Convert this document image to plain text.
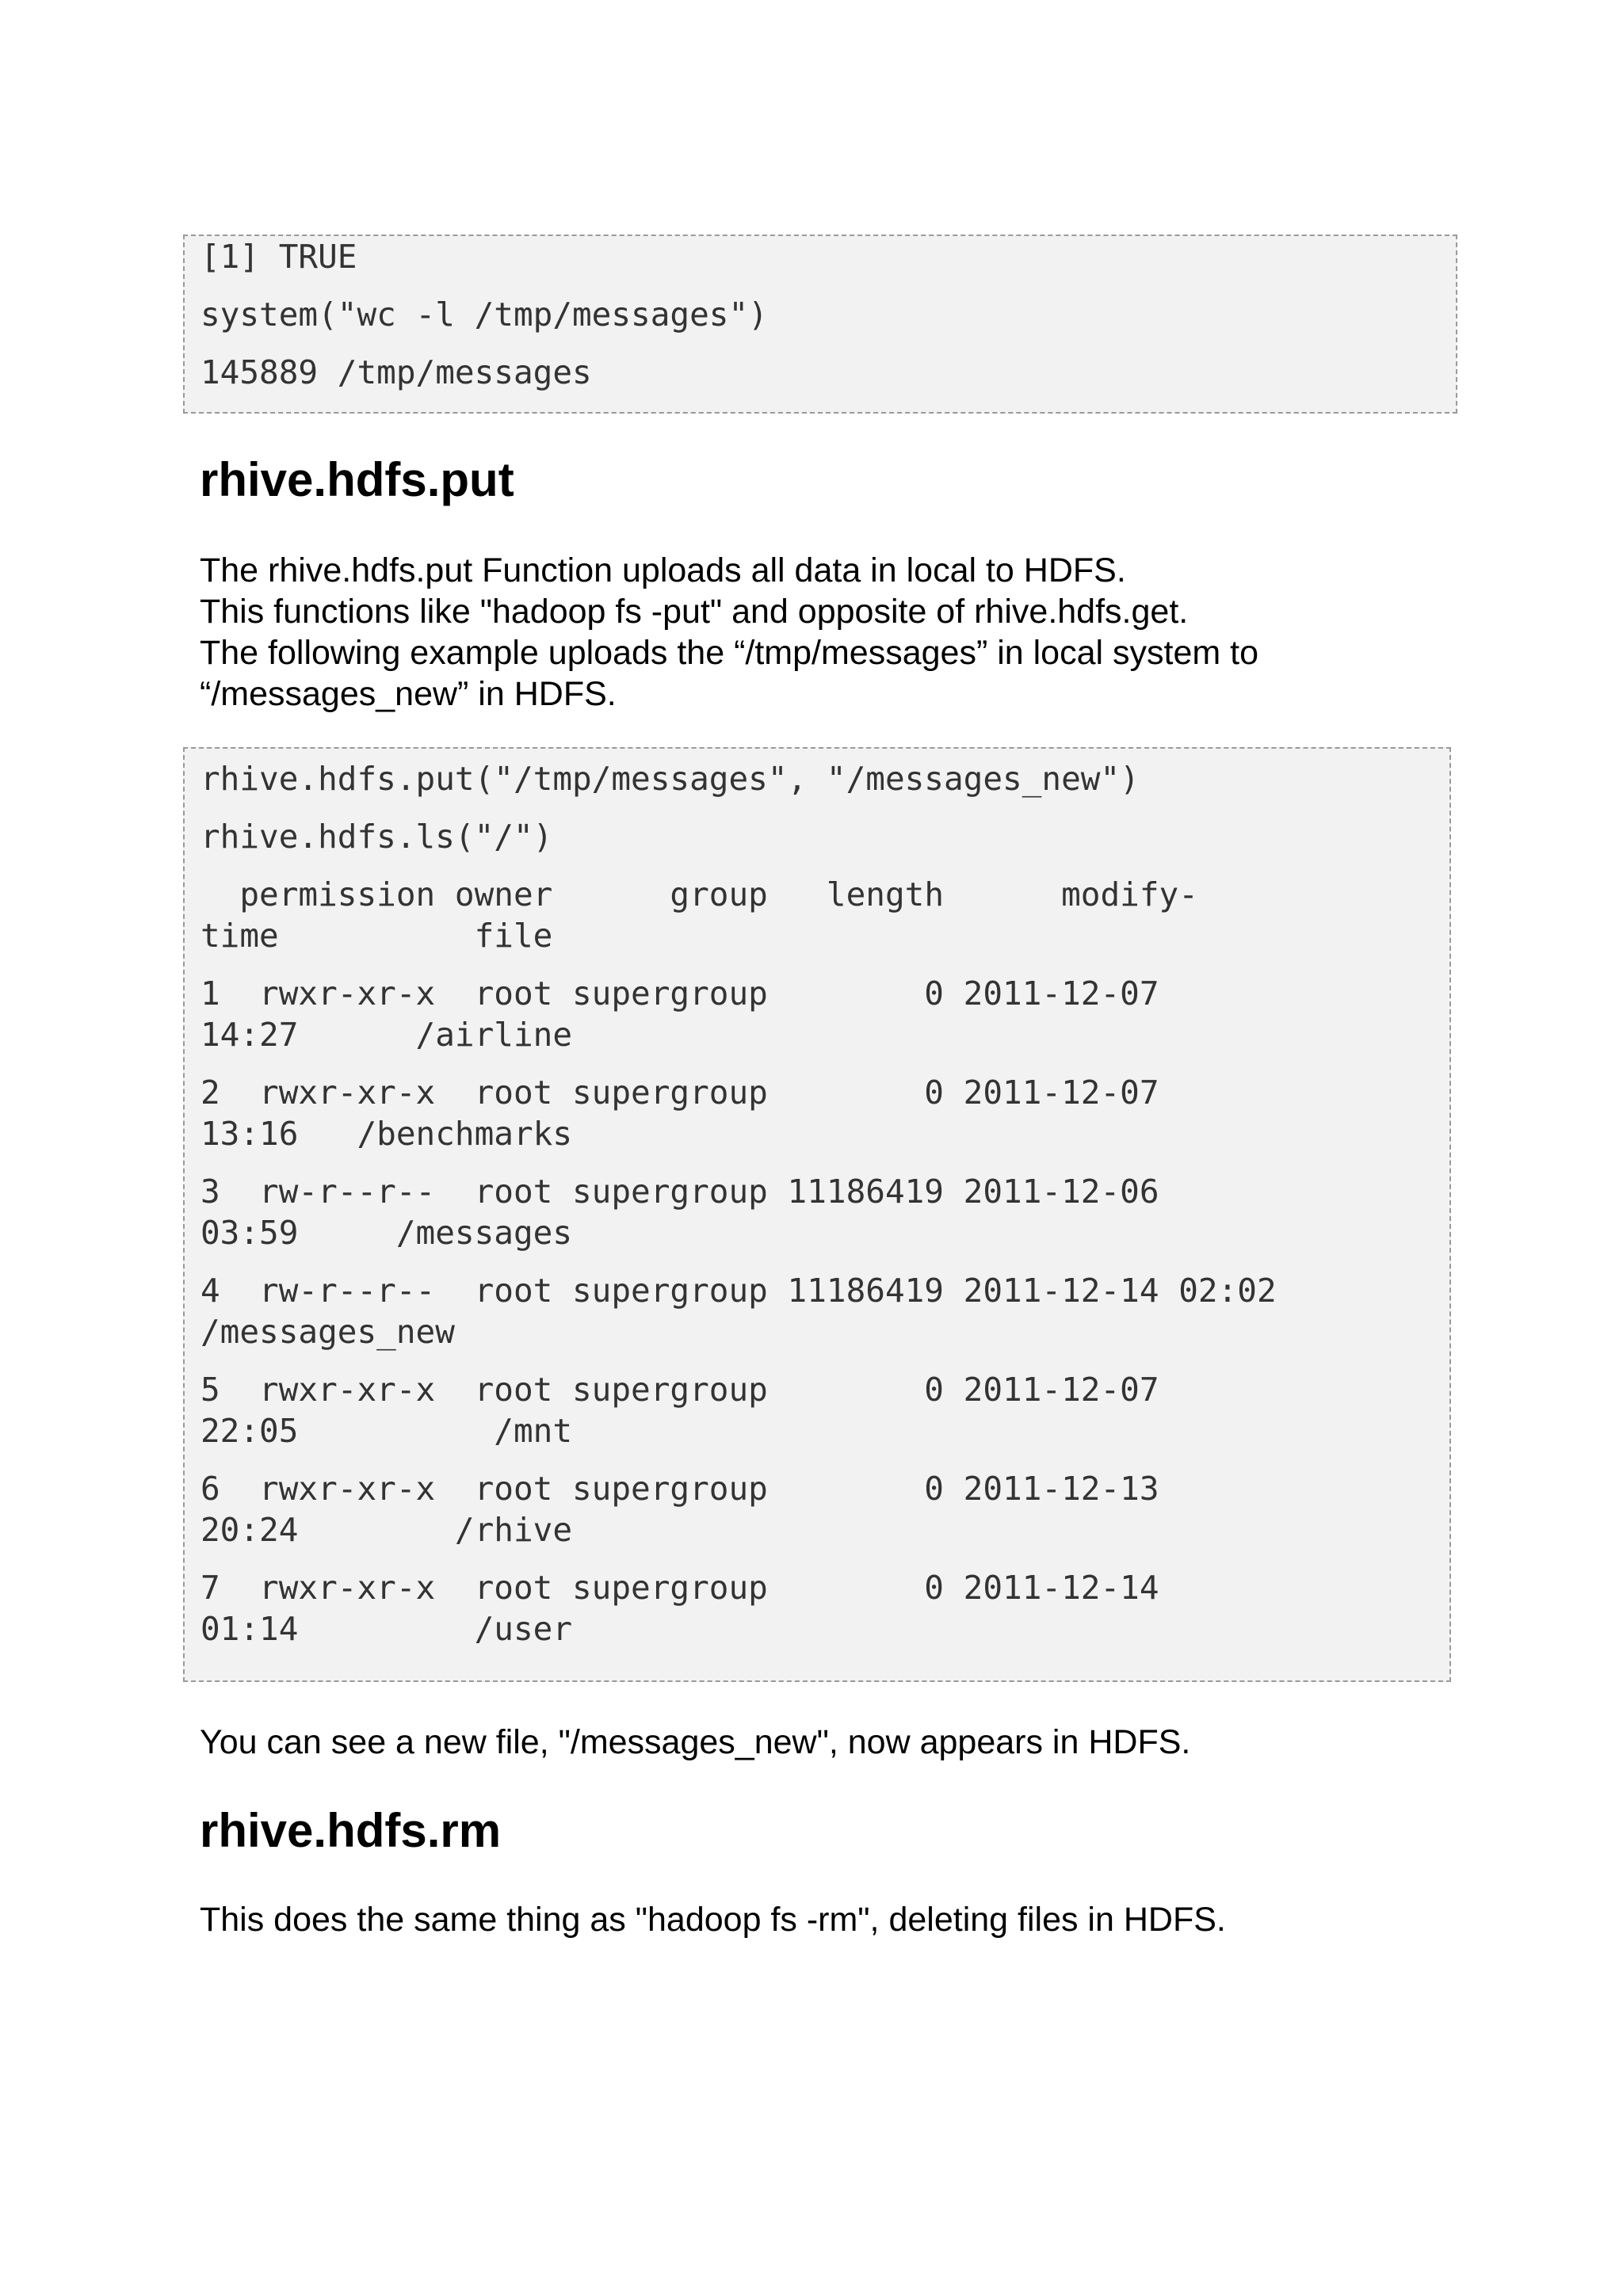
[1] TRUE
system("wc -l /tmp/messages")
145889 /tmp/messages
rhive.hdfs.put
The rhive.hdfs.put Function uploads all data in local to HDFS.
This functions like "hadoop fs -put" and opposite of rhive.hdfs.get.
The following example uploads the “/tmp/messages” in local system to
“/messages_new” in HDFS.
rhive.hdfs.put("/tmp/messages", "/messages_new")
rhive.hdfs.ls("/")
permission owner      group   length      modify-
time          file
1  rwxr-xr-x  root supergroup        0 2011-12-07
14:27      /airline
2  rwxr-xr-x  root supergroup        0 2011-12-07
13:16   /benchmarks
3  rw-r--r--  root supergroup 11186419 2011-12-06
03:59     /messages
4  rw-r--r--  root supergroup 11186419 2011-12-14 02:02
/messages_new
5  rwxr-xr-x  root supergroup        0 2011-12-07
22:05          /mnt
6  rwxr-xr-x  root supergroup        0 2011-12-13
20:24        /rhive
7  rwxr-xr-x  root supergroup        0 2011-12-14
01:14         /user

You can see a new file, "/messages_new", now appears in HDFS.

rhive.hdfs.rm

This does the same thing as "hadoop fs -rm", deleting files in HDFS.
